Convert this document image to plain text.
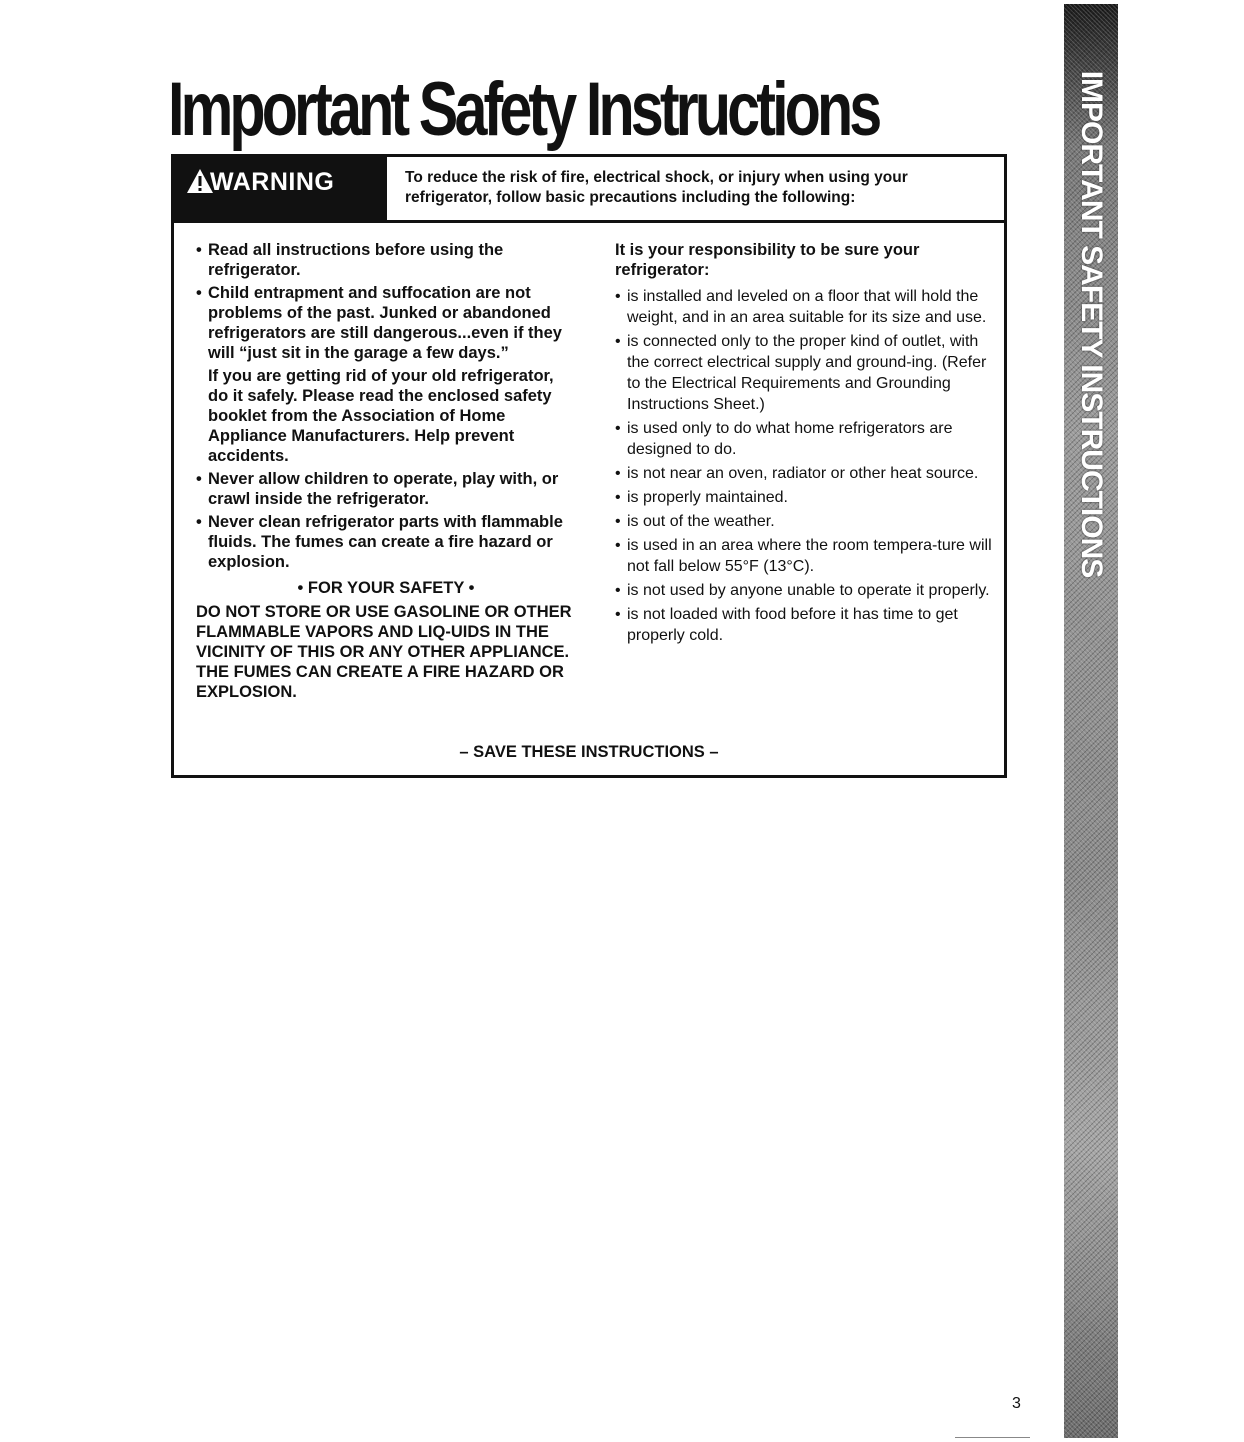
Important Safety Instructions
WARNING	To reduce the risk of fire, electrical shock, or injury when using your refrigerator, follow basic precautions including the following:
• Read all instructions before using the refrigerator.
• Child entrapment and suffocation are not problems of the past. Junked or abandoned refrigerators are still dangerous...even if they will “just sit in the garage a few days.”
If you are getting rid of your old refrigerator, do it safely. Please read the enclosed safety booklet from the Association of Home Appliance Manufacturers. Help prevent accidents.
• Never allow children to operate, play with, or crawl inside the refrigerator.
• Never clean refrigerator parts with flammable fluids. The fumes can create a fire hazard or explosion.
• FOR YOUR SAFETY •
DO NOT STORE OR USE GASOLINE OR OTHER FLAMMABLE VAPORS AND LIQ-UIDS IN THE VICINITY OF THIS OR ANY OTHER APPLIANCE. THE FUMES CAN CREATE A FIRE HAZARD OR EXPLOSION.
It is your responsibility to be sure your refrigerator:
• is installed and leveled on a floor that will hold the weight, and in an area suitable for its size and use.
• is connected only to the proper kind of outlet, with the correct electrical supply and ground-ing. (Refer to the Electrical Requirements and Grounding Instructions Sheet.)
• is used only to do what home refrigerators are designed to do.
• is not near an oven, radiator or other heat source.
• is properly maintained.
• is out of the weather.
• is used in an area where the room tempera-ture will not fall below 55°F (13°C).
• is not used by anyone unable to operate it properly.
• is not loaded with food before it has time to get properly cold.
– SAVE THESE INSTRUCTIONS –
IMPORTANT SAFETY INSTRUCTIONS
3
